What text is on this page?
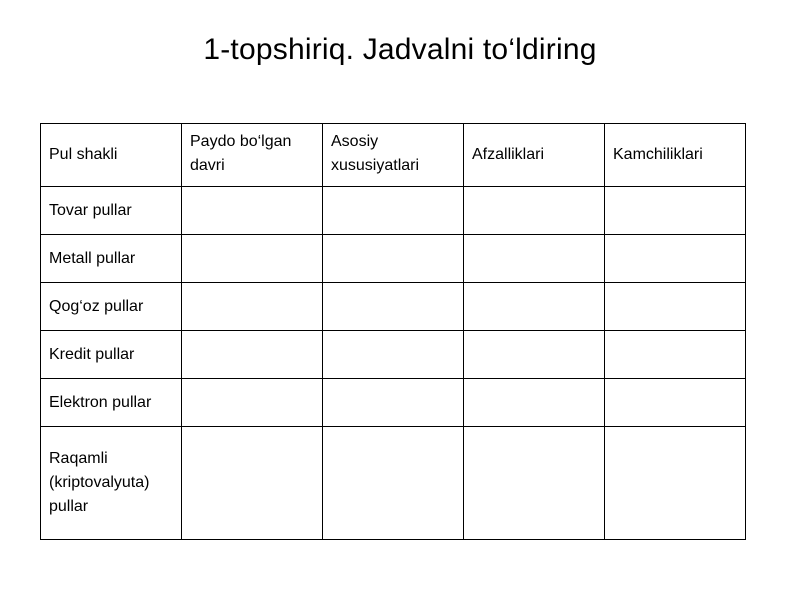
1-topshiriq. Jadvalni to‘ldiring
Pul shakli	Paydo bo‘lgan davri	Asosiy xususiyatlari	Afzalliklari	Kamchiliklari
Tovar pullar				
Metall pullar				
Qog‘oz pullar				
Kredit pullar				
Elektron pullar				
Raqamli (kriptovalyuta) pullar				
